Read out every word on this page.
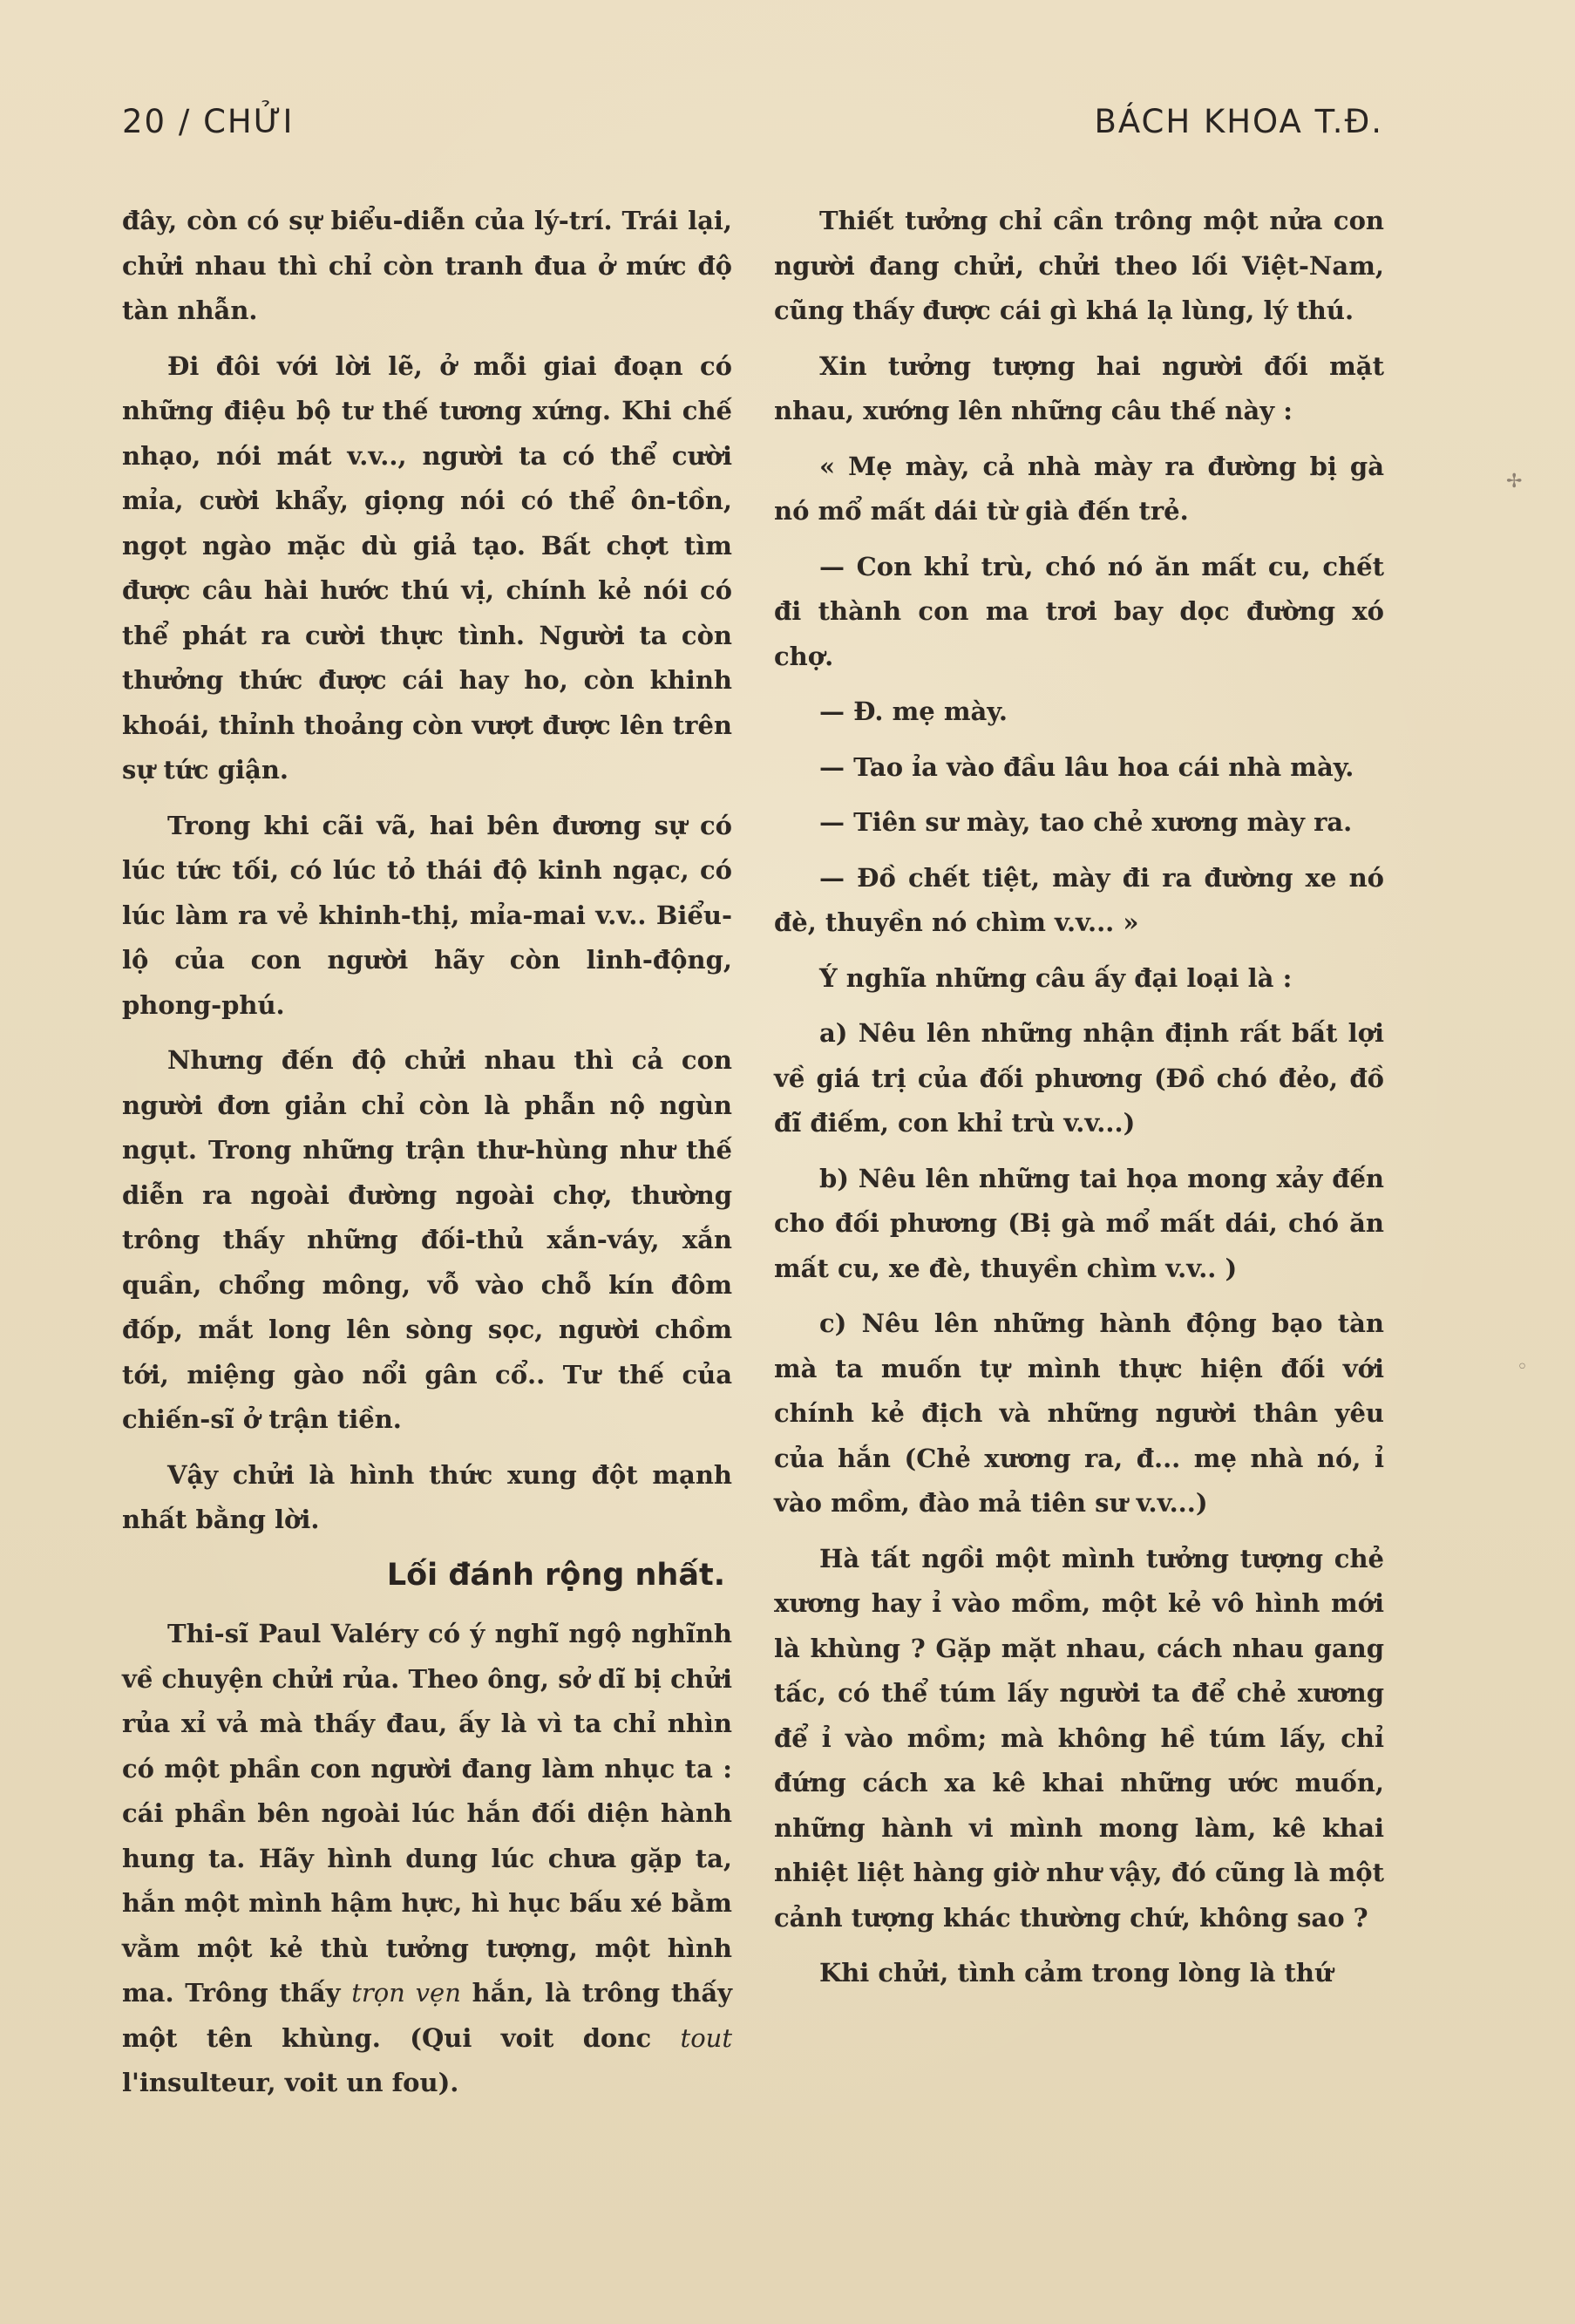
20 / CHỬI	BÁCH KHOA T.Đ.

đây, còn có sự biểu-diễn của lý-trí. Trái lại, chửi nhau thì chỉ còn tranh đua ở mức độ tàn nhẫn.

Đi đôi với lời lẽ, ở mỗi giai đoạn có những điệu bộ tư thế tương xứng. Khi chế nhạo, nói mát v.v.., người ta có thể cười mỉa, cười khẩy, giọng nói có thể ôn-tồn, ngọt ngào mặc dù giả tạo. Bất chợt tìm được câu hài hước thú vị, chính kẻ nói có thể phát ra cười thực tình. Người ta còn thưởng thức được cái hay ho, còn khinh khoái, thỉnh thoảng còn vượt được lên trên sự tức giận.

Trong khi cãi vã, hai bên đương sự có lúc tức tối, có lúc tỏ thái độ kinh ngạc, có lúc làm ra vẻ khinh-thị, mỉa-mai v.v.. Biểu-lộ của con người hãy còn linh-động, phong-phú.

Nhưng đến độ chửi nhau thì cả con người đơn giản chỉ còn là phẫn nộ ngùn ngụt. Trong những trận thư-hùng như thế diễn ra ngoài đường ngoài chợ, thường trông thấy những đối-thủ xắn-váy, xắn quần, chổng mông, vỗ vào chỗ kín đôm đốp, mắt long lên sòng sọc, người chồm tới, miệng gào nổi gân cổ.. Tư thế của chiến-sĩ ở trận tiền.

Vậy chửi là hình thức xung đột mạnh nhất bằng lời.

Lối đánh rộng nhất.

Thi-sĩ Paul Valéry có ý nghĩ ngộ nghĩnh về chuyện chửi rủa. Theo ông, sở dĩ bị chửi rủa xỉ vả mà thấy đau, ấy là vì ta chỉ nhìn có một phần con người đang làm nhục ta : cái phần bên ngoài lúc hắn đối diện hành hung ta. Hãy hình dung lúc chưa gặp ta, hắn một mình hậm hực, hì hục bấu xé bằm vằm một kẻ thù tưởng tượng, một hình ma. Trông thấy trọn vẹn hắn, là trông thấy một tên khùng. (Qui voit donc tout l'insulteur, voit un fou).

Thiết tưởng chỉ cần trông một nửa con người đang chửi, chửi theo lối Việt-Nam, cũng thấy được cái gì khá lạ lùng, lý thú.

Xin tưởng tượng hai người đối mặt nhau, xướng lên những câu thế này :

« Mẹ mày, cả nhà mày ra đường bị gà nó mổ mất dái từ già đến trẻ.

— Con khỉ trù, chó nó ăn mất cu, chết đi thành con ma trơi bay dọc đường xó chợ.

— Đ. mẹ mày.

— Tao ỉa vào đầu lâu hoa cái nhà mày.

— Tiên sư mày, tao chẻ xương mày ra.

— Đồ chết tiệt, mày đi ra đường xe nó đè, thuyền nó chìm v.v... »

Ý nghĩa những câu ấy đại loại là :

a) Nêu lên những nhận định rất bất lợi về giá trị của đối phương (Đồ chó đẻo, đồ đĩ điếm, con khỉ trù v.v...)

b) Nêu lên những tai họa mong xảy đến cho đối phương (Bị gà mổ mất dái, chó ăn mất cu, xe đè, thuyền chìm v.v.. )

c) Nêu lên những hành động bạo tàn mà ta muốn tự mình thực hiện đối với chính kẻ địch và những người thân yêu của hắn (Chẻ xương ra, đ... mẹ nhà nó, ỉ vào mồm, đào mả tiên sư v.v...)

Hà tất ngồi một mình tưởng tượng chẻ xương hay ỉ vào mồm, một kẻ vô hình mới là khùng ? Gặp mặt nhau, cách nhau gang tấc, có thể túm lấy người ta để chẻ xương để ỉ vào mồm; mà không hề túm lấy, chỉ đứng cách xa kê khai những ước muốn, những hành vi mình mong làm, kê khai nhiệt liệt hàng giờ như vậy, đó cũng là một cảnh tượng khác thường chứ, không sao ?

Khi chửi, tình cảm trong lòng là thứ

✢
◦
